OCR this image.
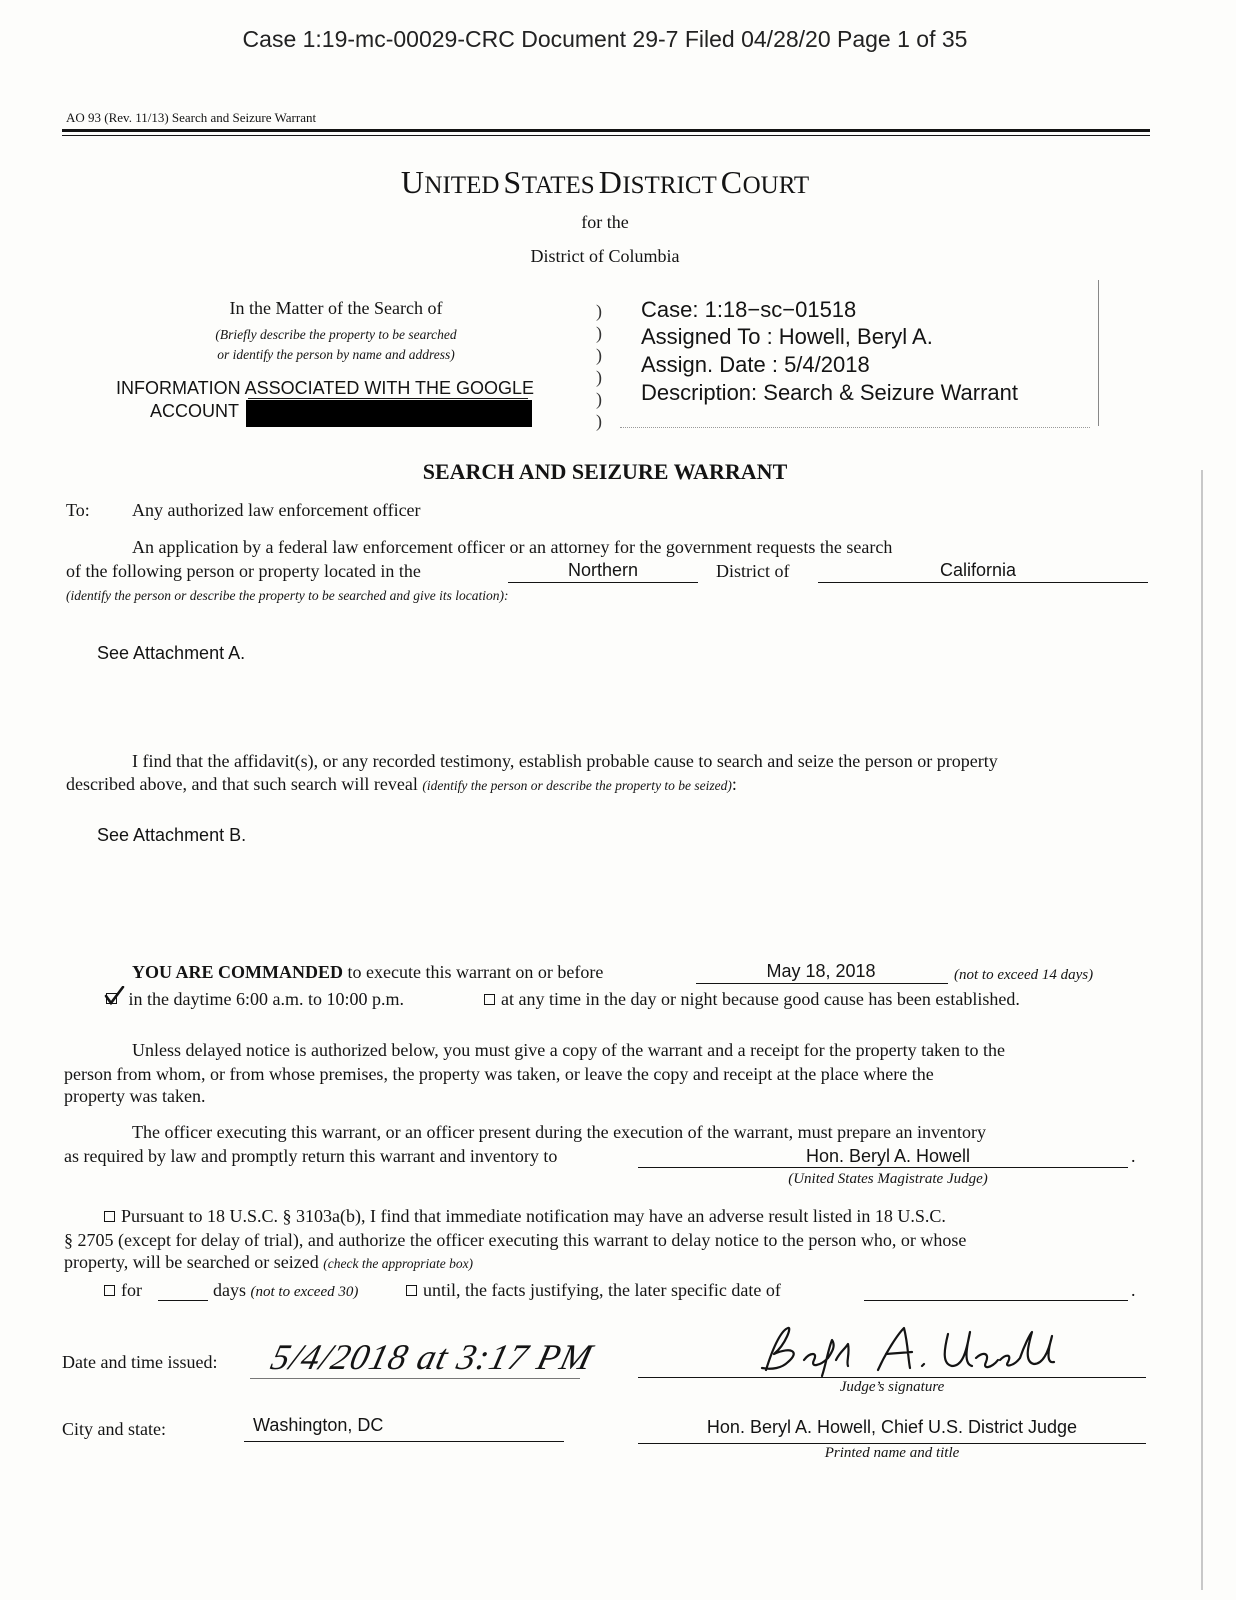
Case 1:19-mc-00029-CRC Document 29-7 Filed 04/28/20 Page 1 of 35
AO 93 (Rev. 11/13) Search and Seizure Warrant
UNITED STATES DISTRICT COURT
for the
District of Columbia
In the Matter of the Search of
(Briefly describe the property to be searched
or identify the person by name and address)
INFORMATION ASSOCIATED WITH THE GOOGLE
ACCOUNT
)
)
)
)
)
)
Case: 1:18−sc−01518
Assigned To : Howell, Beryl A.
Assign. Date : 5/4/2018
Description: Search & Seizure Warrant
SEARCH AND SEIZURE WARRANT
To: Any authorized law enforcement officer
An application by a federal law enforcement officer or an attorney for the government requests the search
of the following person or property located in the	Northern	District of	California
(identify the person or describe the property to be searched and give its location):
See Attachment A.
I find that the affidavit(s), or any recorded testimony, establish probable cause to search and seize the person or property
described above, and that such search will reveal (identify the person or describe the property to be seized):
See Attachment B.
YOU ARE COMMANDED to execute this warrant on or before	May 18, 2018	(not to exceed 14 days)
in the daytime 6:00 a.m. to 10:00 p.m.	at any time in the day or night because good cause has been established.
Unless delayed notice is authorized below, you must give a copy of the warrant and a receipt for the property taken to the
person from whom, or from whose premises, the property was taken, or leave the copy and receipt at the place where the
property was taken.
The officer executing this warrant, or an officer present during the execution of the warrant, must prepare an inventory
as required by law and promptly return this warrant and inventory to	Hon. Beryl A. Howell	.
(United States Magistrate Judge)
Pursuant to 18 U.S.C. § 3103a(b), I find that immediate notification may have an adverse result listed in 18 U.S.C.
§ 2705 (except for delay of trial), and authorize the officer executing this warrant to delay notice to the person who, or whose
property, will be searched or seized (check the appropriate box)
for	days (not to exceed 30)	until, the facts justifying, the later specific date of	.
Date and time issued: 5/4/2018 at 3:17 PM
Judge’s signature
City and state:	Washington, DC	Hon. Beryl A. Howell, Chief U.S. District Judge
Printed name and title
